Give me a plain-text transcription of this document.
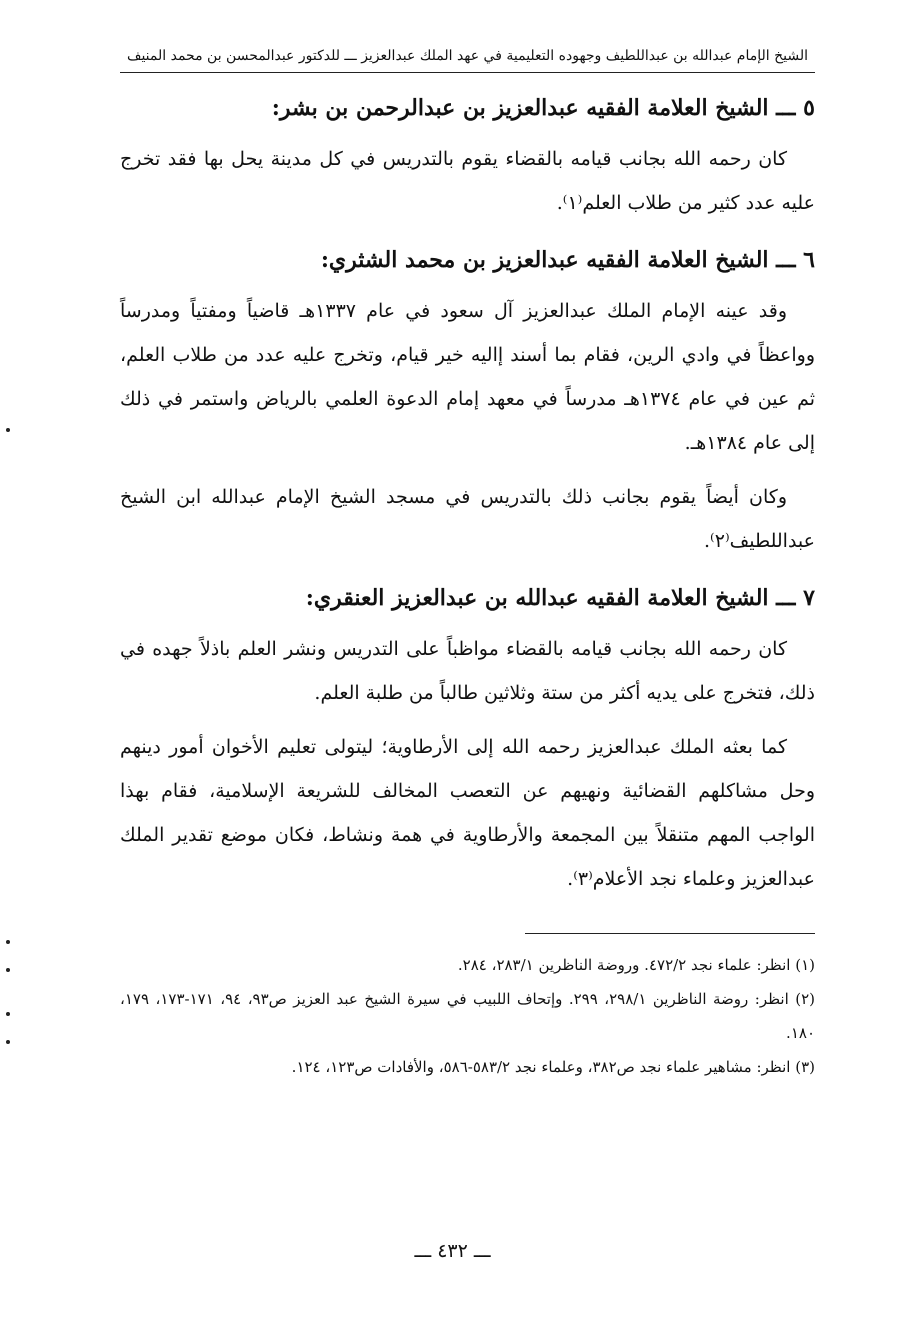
الشيخ الإمام عبدالله بن عبداللطيف وجهوده التعليمية في عهد الملك عبدالعزيز ـــ للدكتور عبدالمحسن بن محمد المنيف
٥ ـــ الشيخ العلامة الفقيه عبدالعزيز بن عبدالرحمن بن بشر:

كان رحمه الله بجانب قيامه بالقضاء يقوم بالتدريس في كل مدينة يحل بها فقد تخرج عليه عدد كثير من طلاب العلم⁽١⁾.

٦ ـــ الشيخ العلامة الفقيه عبدالعزيز بن محمد الشثري:

وقد عينه الإمام الملك عبدالعزيز آل سعود في عام ١٣٣٧هـ قاضياً ومفتياً ومدرساً وواعظاً في وادي الرين، فقام بما أسند إاليه خير قيام، وتخرج عليه عدد من طلاب العلم، ثم عين في عام ١٣٧٤هـ مدرساً في معهد إمام الدعوة العلمي بالرياض واستمر في ذلك إلى عام ١٣٨٤هـ.

وكان أيضاً يقوم بجانب ذلك بالتدريس في مسجد الشيخ الإمام عبدالله ابن الشيخ عبداللطيف⁽٢⁾.

٧ ـــ الشيخ العلامة الفقيه عبدالله بن عبدالعزيز العنقري:

كان رحمه الله بجانب قيامه بالقضاء مواظباً على التدريس ونشر العلم باذلاً جهده في ذلك، فتخرج على يديه أكثر من ستة وثلاثين طالباً من طلبة العلم.

كما بعثه الملك عبدالعزيز رحمه الله إلى الأرطاوية؛ ليتولى تعليم الأخوان أمور دينهم وحل مشاكلهم القضائية ونهيهم عن التعصب المخالف للشريعة الإسلامية، فقام بهذا الواجب المهم متنقلاً بين المجمعة والأرطاوية في همة ونشاط، فكان موضع تقدير الملك عبدالعزيز وعلماء نجد الأعلام⁽٣⁾.

(١) انظر: علماء نجد ٤٧٢/٢. وروضة الناظرين ٢٨٣/١، ٢٨٤.
(٢) انظر: روضة الناظرين ٢٩٨/١، ٢٩٩. وإتحاف اللبيب في سيرة الشيخ عبد العزيز ص٩٣، ٩٤، ١٧١-١٧٣، ١٧٩، ١٨٠.
(٣) انظر: مشاهير علماء نجد ص٣٨٢، وعلماء نجد ٥٨٣/٢-٥٨٦، والأفادات ص١٢٣، ١٢٤.
ـــ ٤٣٢ ـــ
